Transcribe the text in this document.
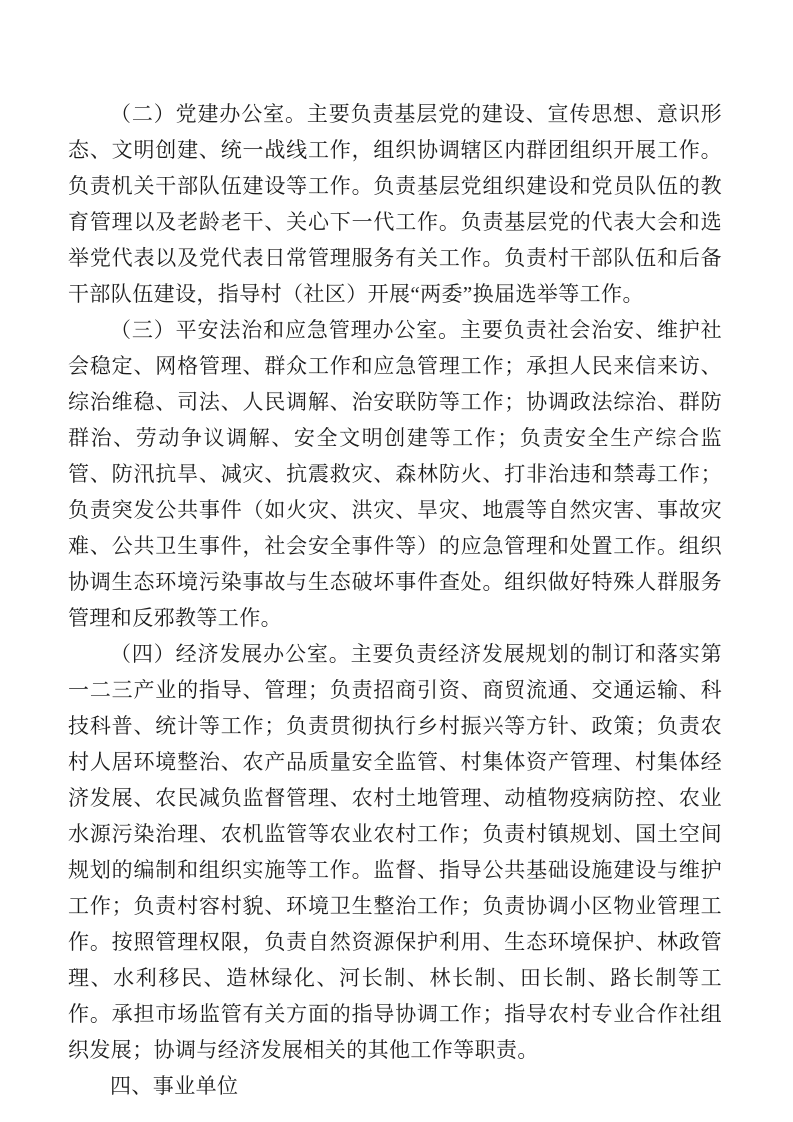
（二）党建办公室。主要负责基层党的建设、宣传思想、意识形态、文明创建、统一战线工作，组织协调辖区内群团组织开展工作。负责机关干部队伍建设等工作。负责基层党组织建设和党员队伍的教育管理以及老龄老干、关心下一代工作。负责基层党的代表大会和选举党代表以及党代表日常管理服务有关工作。负责村干部队伍和后备干部队伍建设，指导村（社区）开展“两委”换届选举等工作。

（三）平安法治和应急管理办公室。主要负责社会治安、维护社会稳定、网格管理、群众工作和应急管理工作；承担人民来信来访、综治维稳、司法、人民调解、治安联防等工作；协调政法综治、群防群治、劳动争议调解、安全文明创建等工作；负责安全生产综合监管、防汛抗旱、减灾、抗震救灾、森林防火、打非治违和禁毒工作；负责突发公共事件（如火灾、洪灾、旱灾、地震等自然灾害、事故灾难、公共卫生事件，社会安全事件等）的应急管理和处置工作。组织协调生态环境污染事故与生态破坏事件查处。组织做好特殊人群服务管理和反邪教等工作。

（四）经济发展办公室。主要负责经济发展规划的制订和落实第一二三产业的指导、管理；负责招商引资、商贸流通、交通运输、科技科普、统计等工作；负责贯彻执行乡村振兴等方针、政策；负责农村人居环境整治、农产品质量安全监管、村集体资产管理、村集体经济发展、农民减负监督管理、农村土地管理、动植物疫病防控、农业水源污染治理、农机监管等农业农村工作；负责村镇规划、国土空间规划的编制和组织实施等工作。监督、指导公共基础设施建设与维护工作；负责村容村貌、环境卫生整治工作；负责协调小区物业管理工作。按照管理权限，负责自然资源保护利用、生态环境保护、林政管理、水利移民、造林绿化、河长制、林长制、田长制、路长制等工作。承担市场监管有关方面的指导协调工作；指导农村专业合作社组织发展；协调与经济发展相关的其他工作等职责。

四、事业单位
